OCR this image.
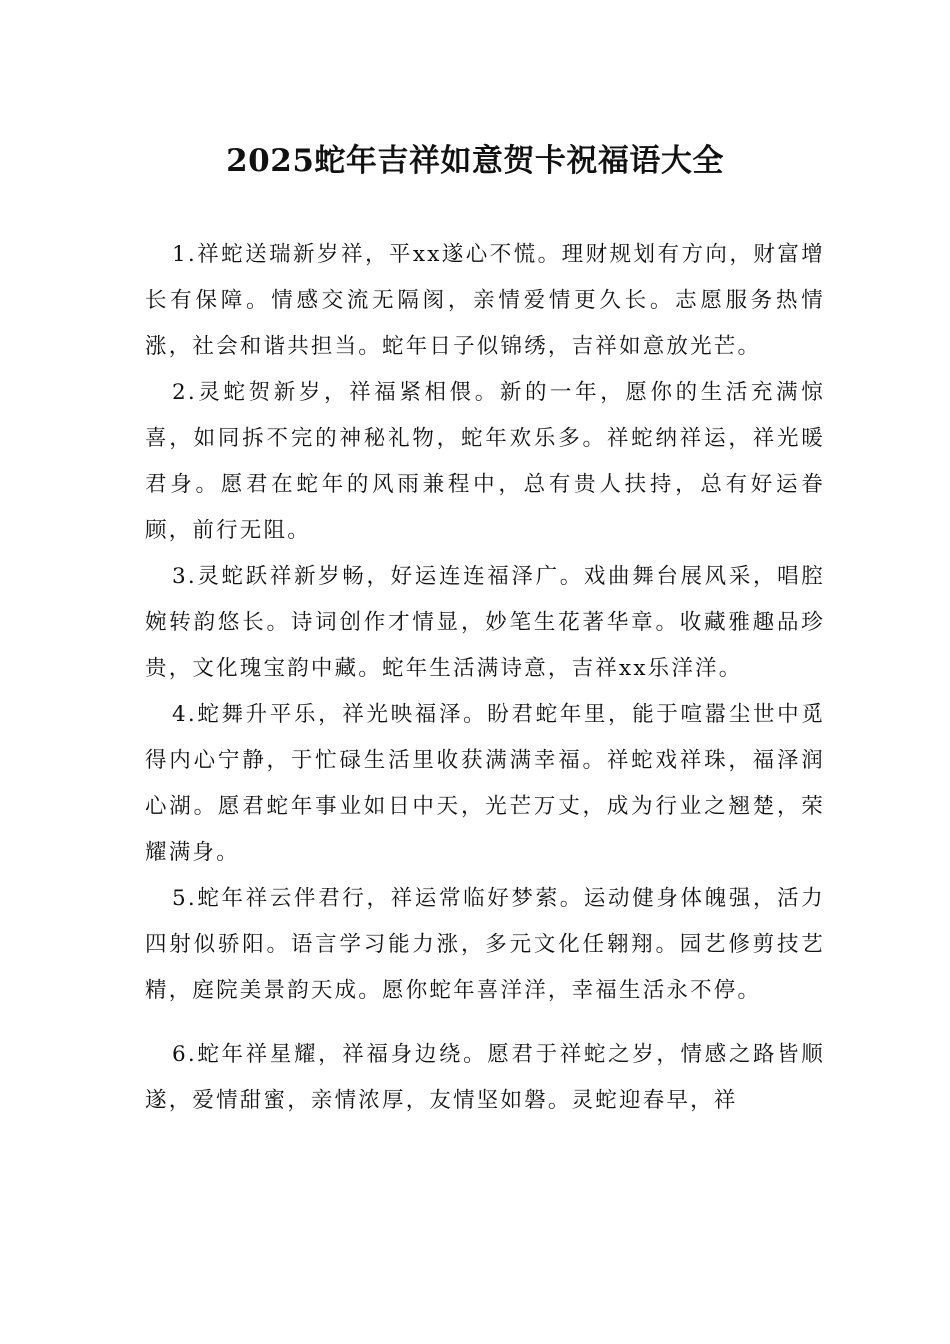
2025蛇年吉祥如意贺卡祝福语大全

1.祥蛇送瑞新岁祥，平xx遂心不慌。理财规划有方向，财富增长有保障。情感交流无隔阂，亲情爱情更久长。志愿服务热情涨，社会和谐共担当。蛇年日子似锦绣，吉祥如意放光芒。

2.灵蛇贺新岁，祥福紧相偎。新的一年，愿你的生活充满惊喜，如同拆不完的神秘礼物，蛇年欢乐多。祥蛇纳祥运，祥光暖君身。愿君在蛇年的风雨兼程中，总有贵人扶持，总有好运眷顾，前行无阻。

3.灵蛇跃祥新岁畅，好运连连福泽广。戏曲舞台展风采，唱腔婉转韵悠长。诗词创作才情显，妙笔生花著华章。收藏雅趣品珍贵，文化瑰宝韵中藏。蛇年生活满诗意，吉祥xx乐洋洋。

4.蛇舞升平乐，祥光映福泽。盼君蛇年里，能于喧嚣尘世中觅得内心宁静，于忙碌生活里收获满满幸福。祥蛇戏祥珠，福泽润心湖。愿君蛇年事业如日中天，光芒万丈，成为行业之翘楚，荣耀满身。

5.蛇年祥云伴君行，祥运常临好梦萦。运动健身体魄强，活力四射似骄阳。语言学习能力涨，多元文化任翱翔。园艺修剪技艺精，庭院美景韵天成。愿你蛇年喜洋洋，幸福生活永不停。

6.蛇年祥星耀，祥福身边绕。愿君于祥蛇之岁，情感之路皆顺遂，爱情甜蜜，亲情浓厚，友情坚如磐。灵蛇迎春早，祥
